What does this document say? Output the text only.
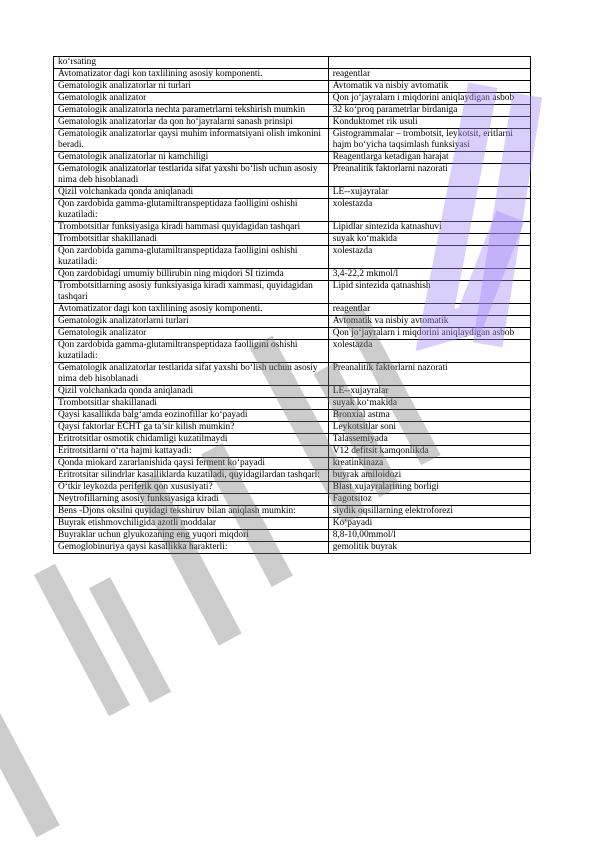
ko‘rsating	
Avtomatizator dagi kon taxlilining asosiy komponenti.	reagentlar
Gematologik analizatorlar ni turlari	Avtomatik va nisbiy avtomatik
Gematologik analizator	Qon jo‘jayralarn i miqdorini aniqlaydigan asbob
Gematologik analizatorla nechta parametrlarni tekshirish mumkin	32 ko‘proq parametrlar birdaniga
Gematologik analizatorlar da qon ho‘jayralarni sanash prinsipi	Konduktomet rik usuli
Gematologik analizatorlar qaysi muhim informatsiyani olish imkonini beradi.	Gistogrammalar – trombotsit, leykotsit, eritlarni hajm bo‘yicha taqsimlash funksiyasi
Gematologik analizatorlar ni kamchiligi	Reagentlarga ketadigan harajat
Gematologik analizatorlar testlarida sifat yaxshi bo‘lish uchun asosiy nima deb hisoblanadi	Preanalitik faktorlarni nazorati
Qizil volchankada qonda aniqlanadi	LE--xujayralar
Qon zardobida gamma-glutamiltranspeptidaza faolligini oshishi kuzatiladi:	xolestazda
Trombotsitlar funksiyasiga kiradi hammasi quyidagidan tashqari	Lipidlar sintezida katnashuvi
Trombotsitlar shakillanadi	suyak ko‘makida
Qon zardobida gamma-glutamiltranspeptidaza faolligini oshishi kuzatiladi:	xolestazda
Qon zardobidagi umumiy billirubin ning miqdori SI tizimda	3,4-22,2 mkmol/l
Trombotsitlarning asosiy funksiyasiga kiradi xammasi, quyidagidan tashqari	Lipid sintezida qatnashish
Avtomatizator dagi kon taxlilining asosiy komponenti.	reagentlar
Gematologik analizatorlarni turlari	Avtomatik va nisbiy avtomatik
Gematologik analizator	Qon jo‘jayralarn i miqdorini aniqlaydigan asbob
Qon zardobida gamma-glutamiltranspeptidaza faolligini oshishi kuzatiladi:	xolestazda
Gematologik analizatorlar testlarida sifat yaxshi bo‘lish uchun asosiy nima deb hisoblanadi	Preanalitik faktorlarni nazorati
Qizil volchankada qonda aniqlanadi	LE--xujayralar
Trombotsitlar shakillanadi	suyak ko‘makida
Qaysi kasallikda balg‘amda eozinofillar ko‘payadi	Bronxial astma
Qaysi faktorlar ECHT ga ta’sir kilish mumkin?	Leykotsitlar soni
Eritrotsitlar osmotik chidamligi kuzatilmaydi	Talassemiyada
Eritrotsitlarni o‘rta hajmi kattayadi:	V12 defitsit kamqonlikda
Qonda miokard zararlanishida qaysi ferment ko‘payadi	kreatinkinaza
Eritrotsitar silindrlar kasalliklarda kuzatiladi, quyidagilardan tashqari:	buyrak amiloidozi
O‘tkir leykozda periferik qon xususiyati?	Blast xujayralarining borligi
Neytrofillarning asosiy funksiyasiga kiradi	Fagotsitoz
Bens -Djons oksilni quyidagi tekshiruv bilan aniqlash mumkin:	siydik oqsillarning elektroforezi
Buyrak etishmovchiligida azotli moddalar	Ko‘payadi
Buyraklar uchun glyukozaning eng yuqori miqdori	8,8-10,00mmol/l
Gemoglobinuriya qaysi kasallikka harakterli:	gemolitik buyrak
